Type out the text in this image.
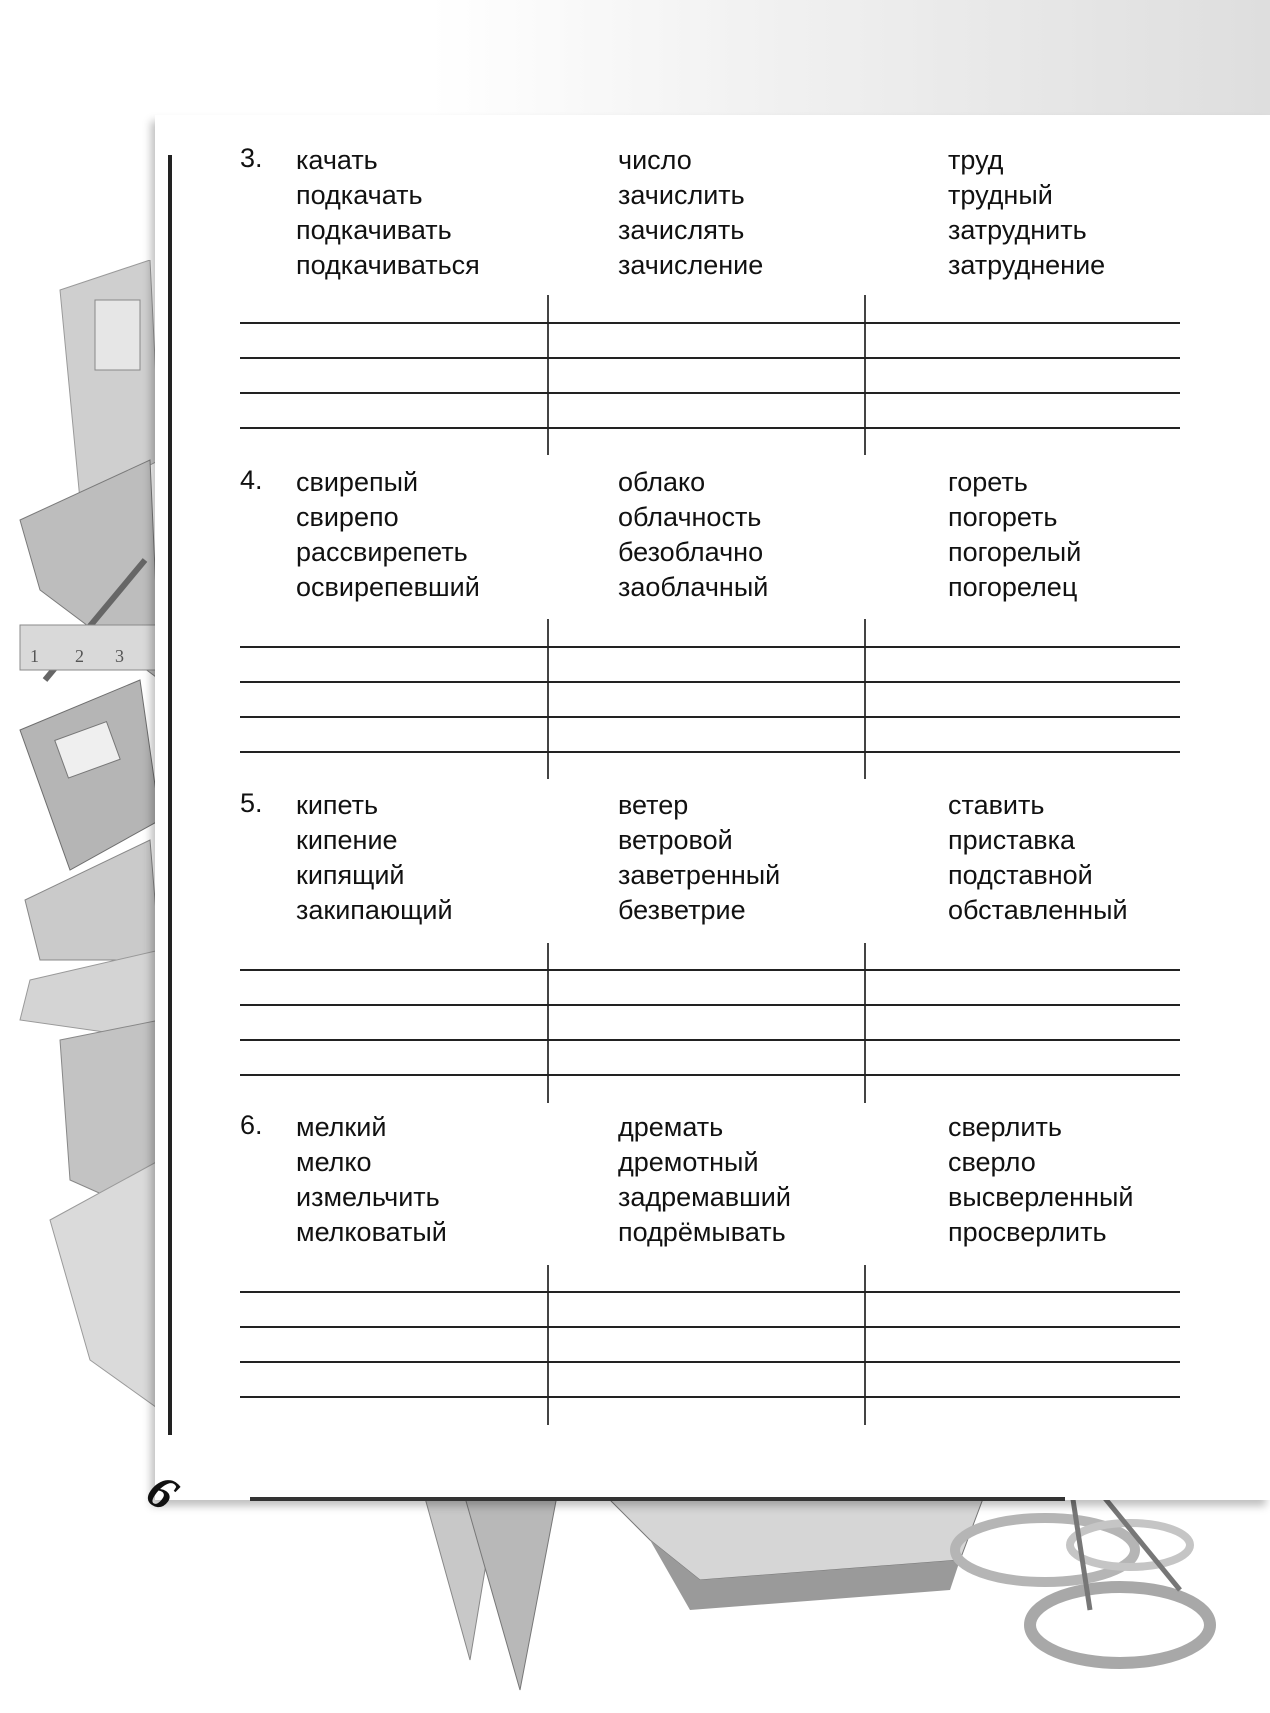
1 2 3
3. качать
подкачать
подкачивать
подкачиваться
число
зачислить
зачислять
зачисление
труд
трудный
затруднить
затруднение
4. свирепый
свирепо
рассвирепеть
освирепевший
облако
облачность
безоблачно
заоблачный
гореть
погореть
погорелый
погорелец
5. кипеть
кипение
кипящий
закипающий
ветер
ветровой
заветренный
безветрие
ставить
приставка
подставной
обставленный
6. мелкий
мелко
измельчить
мелковатый
дремать
дремотный
задремавший
подрёмывать
сверлить
сверло
высверленный
просверлить
6
